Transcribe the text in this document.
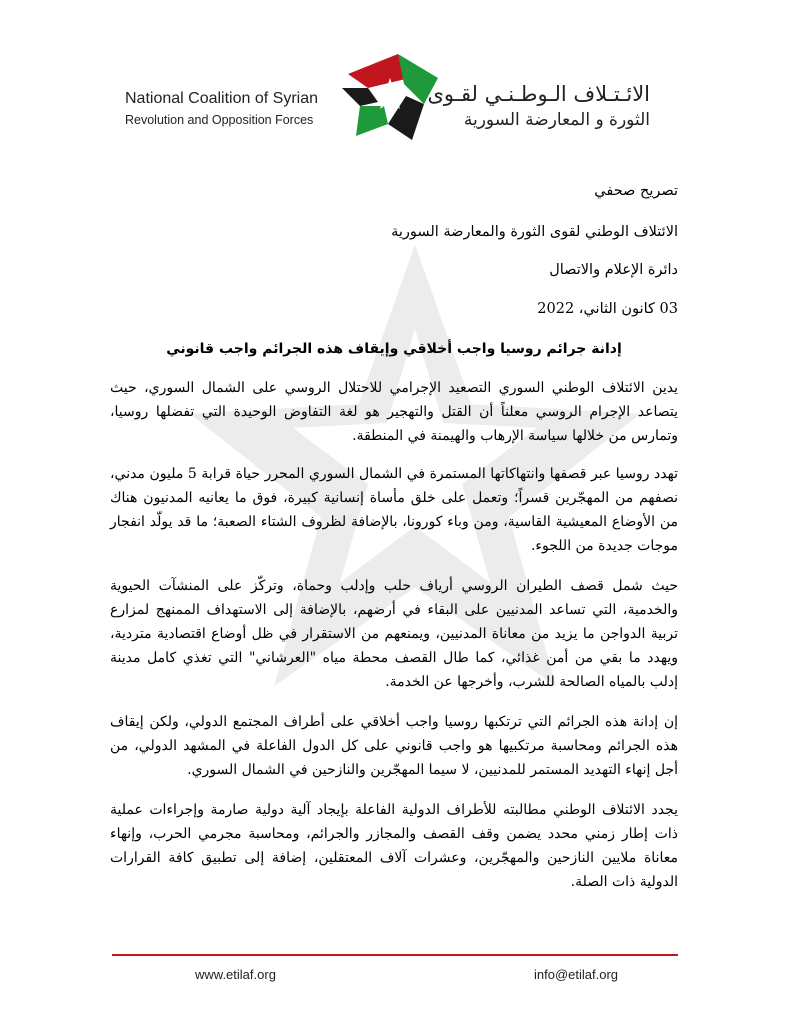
National Coalition of Syrian
Revolution and Opposition Forces
الائـتـلاف الـوطـنـي لقـوى
الثورة و المعارضة السورية
تصريح صحفي
الائتلاف الوطني لقوى الثورة والمعارضة السورية
دائرة الإعلام والاتصال
03 كانون الثاني، 2022
إدانة جرائم روسيا واجب أخلاقي وإيقاف هذه الجرائم واجب قانوني

يدين الائتلاف الوطني السوري التصعيد الإجرامي للاحتلال الروسي على الشمال السوري، حيث يتصاعد الإجرام الروسي معلناً أن القتل والتهجير هو لغة التفاوض الوحيدة التي تفضلها روسيا، وتمارس من خلالها سياسة الإرهاب والهيمنة في المنطقة.

تهدد روسيا عبر قصفها وانتهاكاتها المستمرة في الشمال السوري المحرر حياة قرابة 5 مليون مدني، نصفهم من المهجّرين قسراً؛ وتعمل على خلق مأساة إنسانية كبيرة، فوق ما يعانيه المدنيون هناك من الأوضاع المعيشية القاسية، ومن وباء كورونا، بالإضافة لظروف الشتاء الصعبة؛ ما قد يولّد انفجار موجات جديدة من اللجوء.

حيث شمل قصف الطيران الروسي أرياف حلب وإدلب وحماة، وتركّز على المنشآت الحيوية والخدمية، التي تساعد المدنيين على البقاء في أرضهم، بالإضافة إلى الاستهداف الممنهج لمزارع تربية الدواجن ما يزيد من معاناة المدنيين، ويمنعهم من الاستقرار في ظل أوضاع اقتصادية متردية، ويهدد ما بقي من أمن غذائي، كما طال القصف محطة مياه "العرشاني" التي تغذي كامل مدينة إدلب بالمياه الصالحة للشرب، وأخرجها عن الخدمة.

إن إدانة هذه الجرائم التي ترتكبها روسيا واجب أخلاقي على أطراف المجتمع الدولي، ولكن إيقاف هذه الجرائم ومحاسبة مرتكبيها هو واجب قانوني على كل الدول الفاعلة في المشهد الدولي، من أجل إنهاء التهديد المستمر للمدنيين، لا سيما المهجّرين والنازحين في الشمال السوري.

يجدد الائتلاف الوطني مطالبته للأطراف الدولية الفاعلة بإيجاد آلية دولية صارمة وإجراءات عملية ذات إطار زمني محدد يضمن وقف القصف والمجازر والجرائم، ومحاسبة مجرمي الحرب، وإنهاء معاناة ملايين النازحين والمهجّرين، وعشرات آلاف المعتقلين، إضافة إلى تطبيق كافة القرارات الدولية ذات الصلة.

www.etilaf.org	info@etilaf.org
